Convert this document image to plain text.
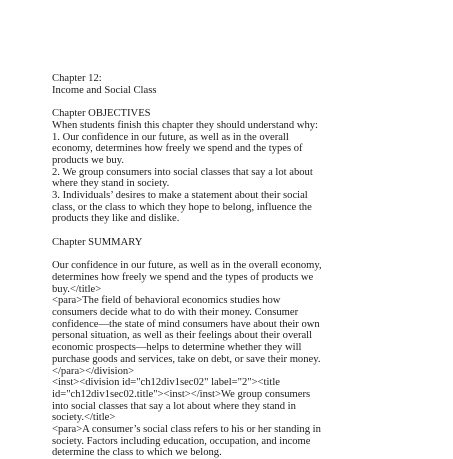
Chapter 12:

Income and Social Class

Chapter OBJECTIVES

When students finish this chapter they should understand why:
1. Our confidence in our future, as well as in the overall
economy, determines how freely we spend and the types of
products we buy.
2. We group consumers into social classes that say a lot about
where they stand in society.
3. Individuals’ desires to make a statement about their social
class, or the class to which they hope to belong, influence the
products they like and dislike.

Chapter SUMMARY

Our confidence in our future, as well as in the overall economy,
determines how freely we spend and the types of products we
buy.</title>
<para>The field of behavioral economics studies how
consumers decide what to do with their money. Consumer
confidence—the state of mind consumers have about their own
personal situation, as well as their feelings about their overall
economic prospects—helps to determine whether they will
purchase goods and services, take on debt, or save their money.
</para></division>
<inst><division id="ch12div1sec02" label="2"><title
id="ch12div1sec02.title"><inst></inst>We group consumers
into social classes that say a lot about where they stand in
society.</title>
<para>A consumer’s social class refers to his or her standing in
society. Factors including education, occupation, and income
determine the class to which we belong.
